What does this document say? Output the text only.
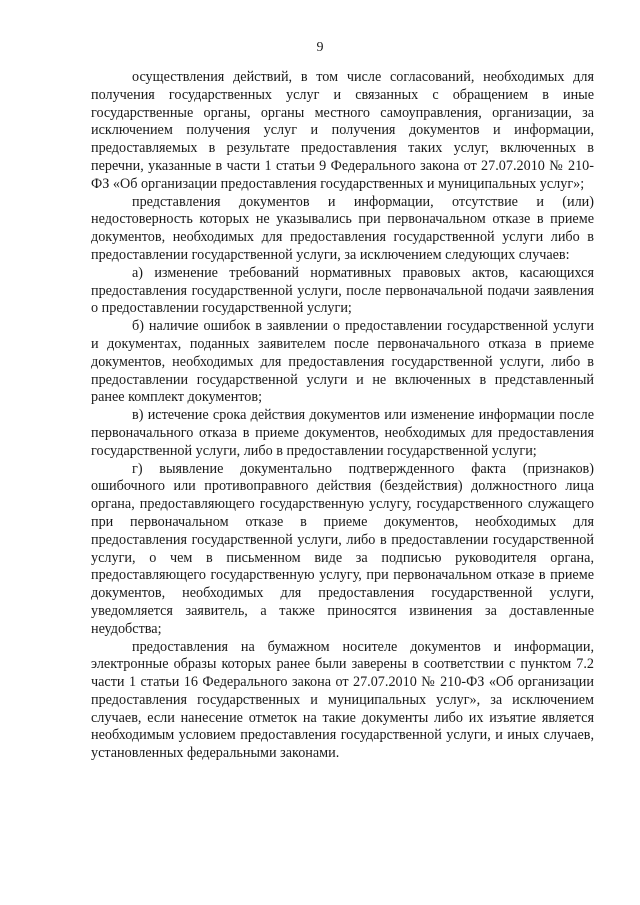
9

осуществления действий, в том числе согласований, необходимых для получения государственных услуг и связанных с обращением в иные государственные органы, органы местного самоуправления, организации, за исключением получения услуг и получения документов и информации, предоставляемых в результате предоставления таких услуг, включенных в перечни, указанные в части 1 статьи 9 Федерального закона от 27.07.2010 № 210-ФЗ «Об организации предоставления государственных и муниципальных услуг»;

представления документов и информации, отсутствие и (или) недостоверность которых не указывались при первоначальном отказе в приеме документов, необходимых для предоставления государственной услуги либо в предоставлении государственной услуги, за исключением следующих случаев:

а) изменение требований нормативных правовых актов, касающихся предоставления государственной услуги, после первоначальной подачи заявления о предоставлении государственной услуги;

б) наличие ошибок в заявлении о предоставлении государственной услуги и документах, поданных заявителем после первоначального отказа в приеме документов, необходимых для предоставления государственной услуги, либо в предоставлении государственной услуги и не включенных в представленный ранее комплект документов;

в) истечение срока действия документов или изменение информации после первоначального отказа в приеме документов, необходимых для предоставления государственной услуги, либо в предоставлении государственной услуги;

г) выявление документально подтвержденного факта (признаков) ошибочного или противоправного действия (бездействия) должностного лица органа, предоставляющего государственную услугу, государственного служащего при первоначальном отказе в приеме документов, необходимых для предоставления государственной услуги, либо в предоставлении государственной услуги, о чем в письменном виде за подписью руководителя органа, предоставляющего государственную услугу, при первоначальном отказе в приеме документов, необходимых для предоставления государственной услуги, уведомляется заявитель, а также приносятся извинения за доставленные неудобства;

предоставления на бумажном носителе документов и информации, электронные образы которых ранее были заверены в соответствии с пунктом 7.2 части 1 статьи 16 Федерального закона от 27.07.2010 № 210-ФЗ «Об организации предоставления государственных и муниципальных услуг», за исключением случаев, если нанесение отметок на такие документы либо их изъятие является необходимым условием предоставления государственной услуги, и иных случаев, установленных федеральными законами.
